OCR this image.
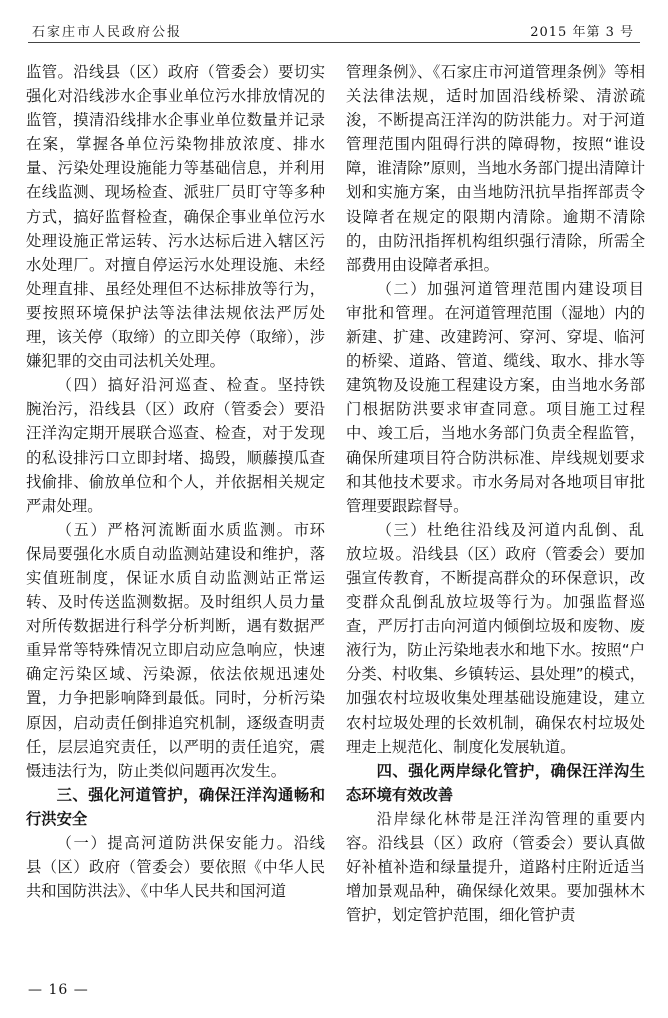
石家庄市人民政府公报	2015 年第 3 号

监管。沿线县（区）政府（管委会）要切实强化对沿线涉水企事业单位污水排放情况的监管，摸清沿线排水企事业单位数量并记录在案，掌握各单位污染物排放浓度、排水量、污染处理设施能力等基础信息，并利用在线监测、现场检查、派驻厂员盯守等多种方式，搞好监督检查，确保企事业单位污水处理设施正常运转、污水达标后进入辖区污水处理厂。对擅自停运污水处理设施、未经处理直排、虽经处理但不达标排放等行为，要按照环境保护法等法律法规依法严厉处理，该关停（取缔）的立即关停（取缔），涉嫌犯罪的交由司法机关处理。

（四）搞好沿河巡查、检查。坚持铁腕治污，沿线县（区）政府（管委会）要沿汪洋沟定期开展联合巡查、检查，对于发现的私设排污口立即封堵、捣毁，顺藤摸瓜查找偷排、偷放单位和个人，并依据相关规定严肃处理。

（五）严格河流断面水质监测。市环保局要强化水质自动监测站建设和维护，落实值班制度，保证水质自动监测站正常运转、及时传送监测数据。及时组织人员力量对所传数据进行科学分析判断，遇有数据严重异常等特殊情况立即启动应急响应，快速确定污染区域、污染源，依法依规迅速处置，力争把影响降到最低。同时，分析污染原因，启动责任倒排追究机制，逐级查明责任，层层追究责任，以严明的责任追究，震慑违法行为，防止类似问题再次发生。

三、强化河道管护，确保汪洋沟通畅和行洪安全

（一）提高河道防洪保安能力。沿线县（区）政府（管委会）要依照《中华人民共和国防洪法》、《中华人民共和国河道

管理条例》、《石家庄市河道管理条例》等相关法律法规，适时加固沿线桥梁、清淤疏浚，不断提高汪洋沟的防洪能力。对于河道管理范围内阻碍行洪的障碍物，按照“谁设障，谁清除”原则，当地水务部门提出清障计划和实施方案，由当地防汛抗旱指挥部责令设障者在规定的限期内清除。逾期不清除的，由防汛指挥机构组织强行清除，所需全部费用由设障者承担。

（二）加强河道管理范围内建设项目审批和管理。在河道管理范围（湿地）内的新建、扩建、改建跨河、穿河、穿堤、临河的桥梁、道路、管道、缆线、取水、排水等建筑物及设施工程建设方案，由当地水务部门根据防洪要求审查同意。项目施工过程中、竣工后，当地水务部门负责全程监管，确保所建项目符合防洪标准、岸线规划要求和其他技术要求。市水务局对各地项目审批管理要跟踪督导。

（三）杜绝往沿线及河道内乱倒、乱放垃圾。沿线县（区）政府（管委会）要加强宣传教育，不断提高群众的环保意识，改变群众乱倒乱放垃圾等行为。加强监督巡查，严厉打击向河道内倾倒垃圾和废物、废液行为，防止污染地表水和地下水。按照“户分类、村收集、乡镇转运、县处理”的模式，加强农村垃圾收集处理基础设施建设，建立农村垃圾处理的长效机制，确保农村垃圾处理走上规范化、制度化发展轨道。

四、强化两岸绿化管护，确保汪洋沟生态环境有效改善

沿岸绿化林带是汪洋沟管理的重要内容。沿线县（区）政府（管委会）要认真做好补植补造和绿量提升，道路村庄附近适当增加景观品种，确保绿化效果。要加强林木管护，划定管护范围，细化管护责

— 16 —
